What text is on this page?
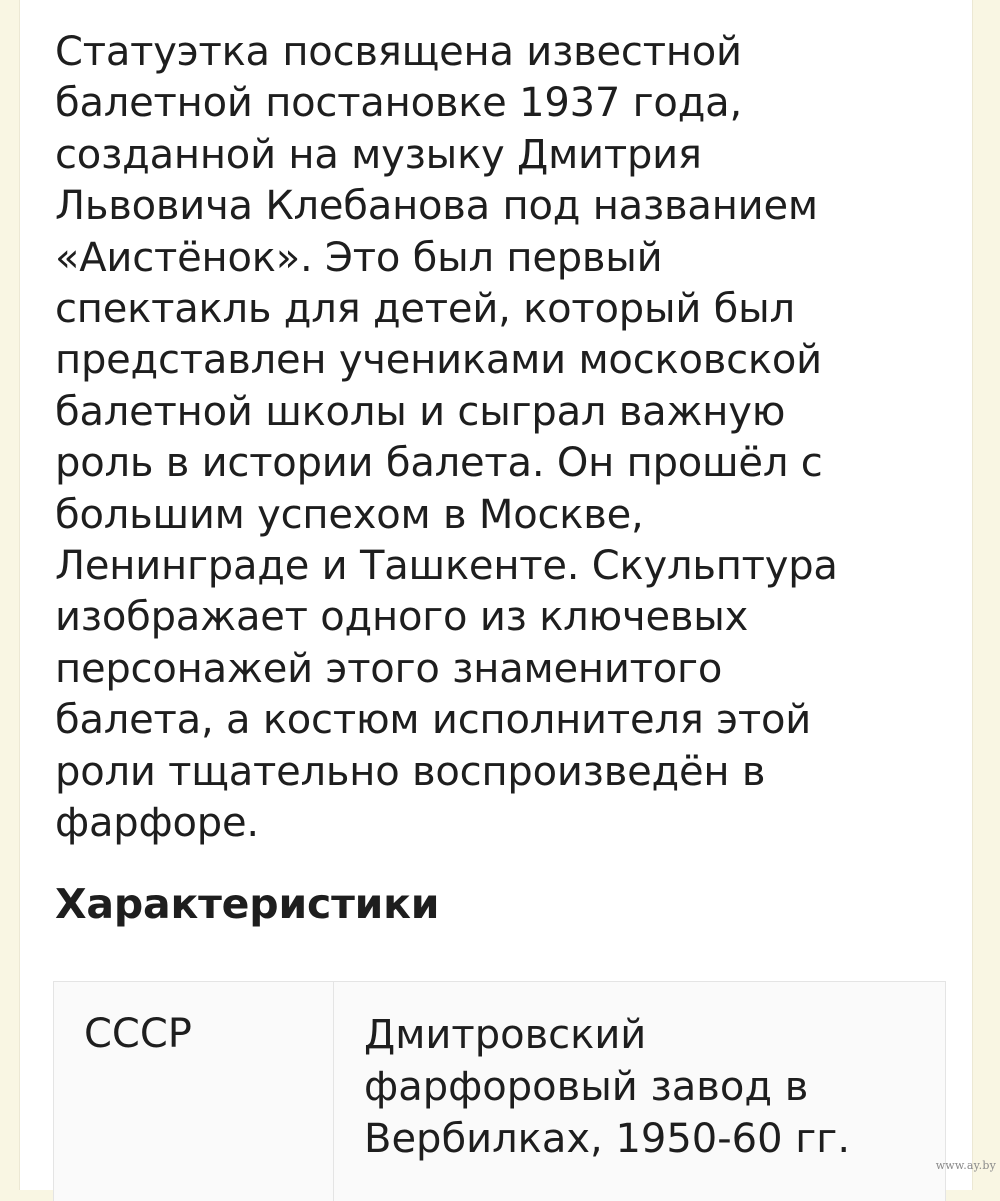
Статуэтка посвящена известной
балетной постановке 1937 года,
созданной на музыку Дмитрия
Львовича Клебанова под названием
«Аистёнок». Это был первый
спектакль для детей, который был
представлен учениками московской
балетной школы и сыграл важную
роль в истории балета. Он прошёл с
большим успехом в Москве,
Ленинграде и Ташкенте. Скульптура
изображает одного из ключевых
персонажей этого знаменитого
балета, а костюм исполнителя этой
роли тщательно воспроизведён в
фарфоре.
Характеристики
СССР	Дмитровский
фарфоровый завод в
Вербилках, 1950-60 гг.
www.ay.by
